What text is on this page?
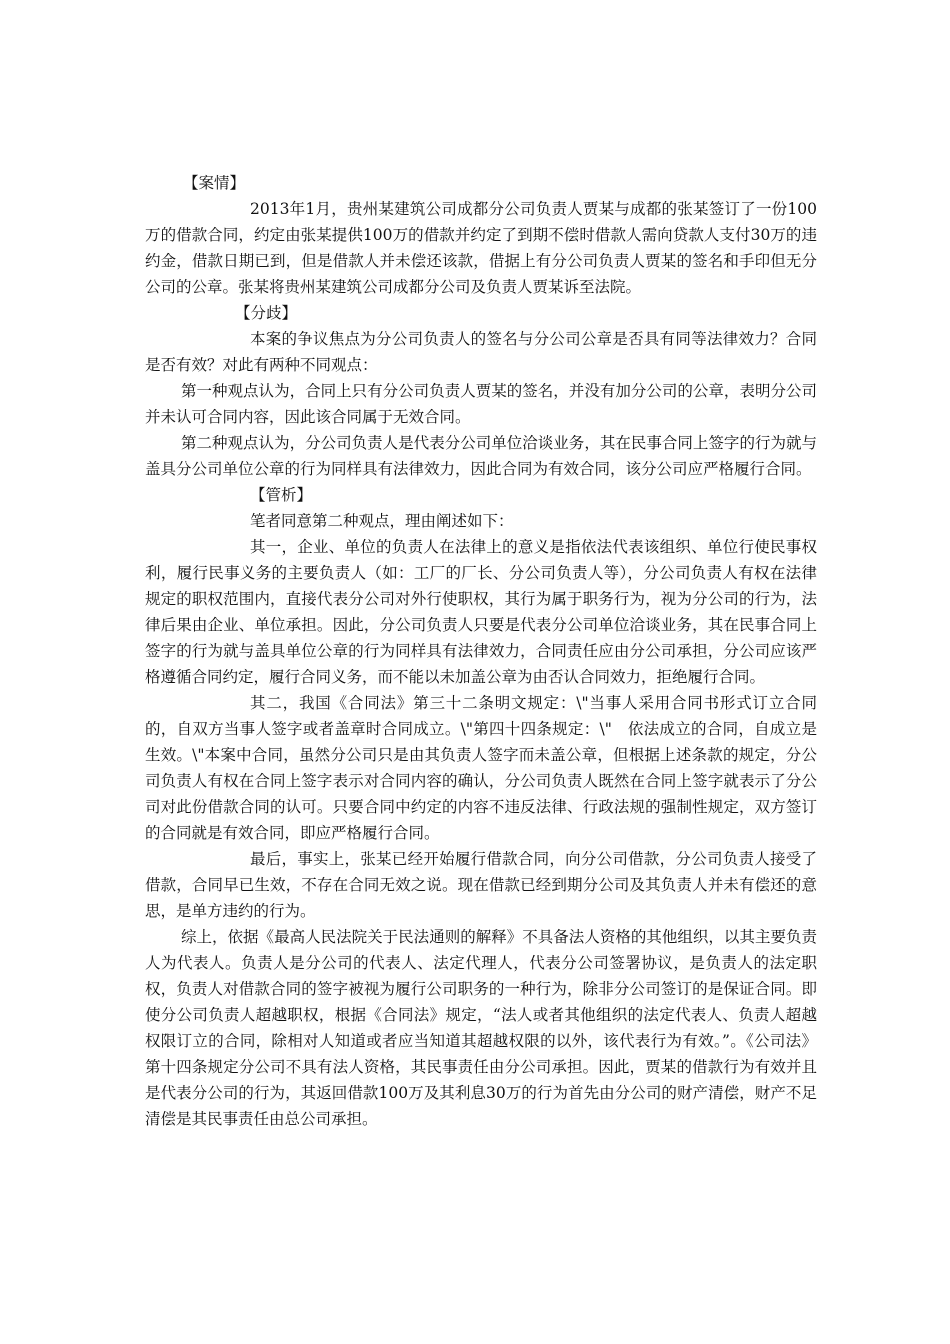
【案情】

2013年1月，贵州某建筑公司成都分公司负责人贾某与成都的张某签订了一份100万的借款合同，约定由张某提供100万的借款并约定了到期不偿时借款人需向贷款人支付30万的违约金，借款日期已到，但是借款人并未偿还该款，借据上有分公司负责人贾某的签名和手印但无分公司的公章。张某将贵州某建筑公司成都分公司及负责人贾某诉至法院。

【分歧】

本案的争议焦点为分公司负责人的签名与分公司公章是否具有同等法律效力？合同是否有效？对此有两种不同观点：

第一种观点认为，合同上只有分公司负责人贾某的签名，并没有加分公司的公章，表明分公司并未认可合同内容，因此该合同属于无效合同。

第二种观点认为，分公司负责人是代表分公司单位洽谈业务，其在民事合同上签字的行为就与盖具分公司单位公章的行为同样具有法律效力，因此合同为有效合同，该分公司应严格履行合同。

【管析】

笔者同意第二种观点，理由阐述如下：

其一，企业、单位的负责人在法律上的意义是指依法代表该组织、单位行使民事权利，履行民事义务的主要负责人（如：工厂的厂长、分公司负责人等），分公司负责人有权在法律规定的职权范围内，直接代表分公司对外行使职权，其行为属于职务行为，视为分公司的行为，法律后果由企业、单位承担。因此，分公司负责人只要是代表分公司单位洽谈业务，其在民事合同上签字的行为就与盖具单位公章的行为同样具有法律效力，合同责任应由分公司承担，分公司应该严格遵循合同约定，履行合同义务，而不能以未加盖公章为由否认合同效力，拒绝履行合同。

其二，我国《合同法》第三十二条明文规定：\"当事人采用合同书形式订立合同的，自双方当事人签字或者盖章时合同成立。\"第四十四条规定：\"　依法成立的合同，自成立是生效。\"本案中合同，虽然分公司只是由其负责人签字而未盖公章，但根据上述条款的规定，分公司负责人有权在合同上签字表示对合同内容的确认，分公司负责人既然在合同上签字就表示了分公司对此份借款合同的认可。只要合同中约定的内容不违反法律、行政法规的强制性规定，双方签订的合同就是有效合同，即应严格履行合同。

最后，事实上，张某已经开始履行借款合同，向分公司借款，分公司负责人接受了借款，合同早已生效，不存在合同无效之说。现在借款已经到期分公司及其负责人并未有偿还的意思，是单方违约的行为。

综上，依据《最高人民法院关于民法通则的解释》不具备法人资格的其他组织，以其主要负责人为代表人。负责人是分公司的代表人、法定代理人，代表分公司签署协议，是负责人的法定职权，负责人对借款合同的签字被视为履行公司职务的一种行为，除非分公司签订的是保证合同。即使分公司负责人超越职权，根据《合同法》规定，“法人或者其他组织的法定代表人、负责人超越权限订立的合同，除相对人知道或者应当知道其超越权限的以外，该代表行为有效。”。《公司法》第十四条规定分公司不具有法人资格，其民事责任由分公司承担。因此，贾某的借款行为有效并且是代表分公司的行为，其返回借款100万及其利息30万的行为首先由分公司的财产清偿，财产不足清偿是其民事责任由总公司承担。
